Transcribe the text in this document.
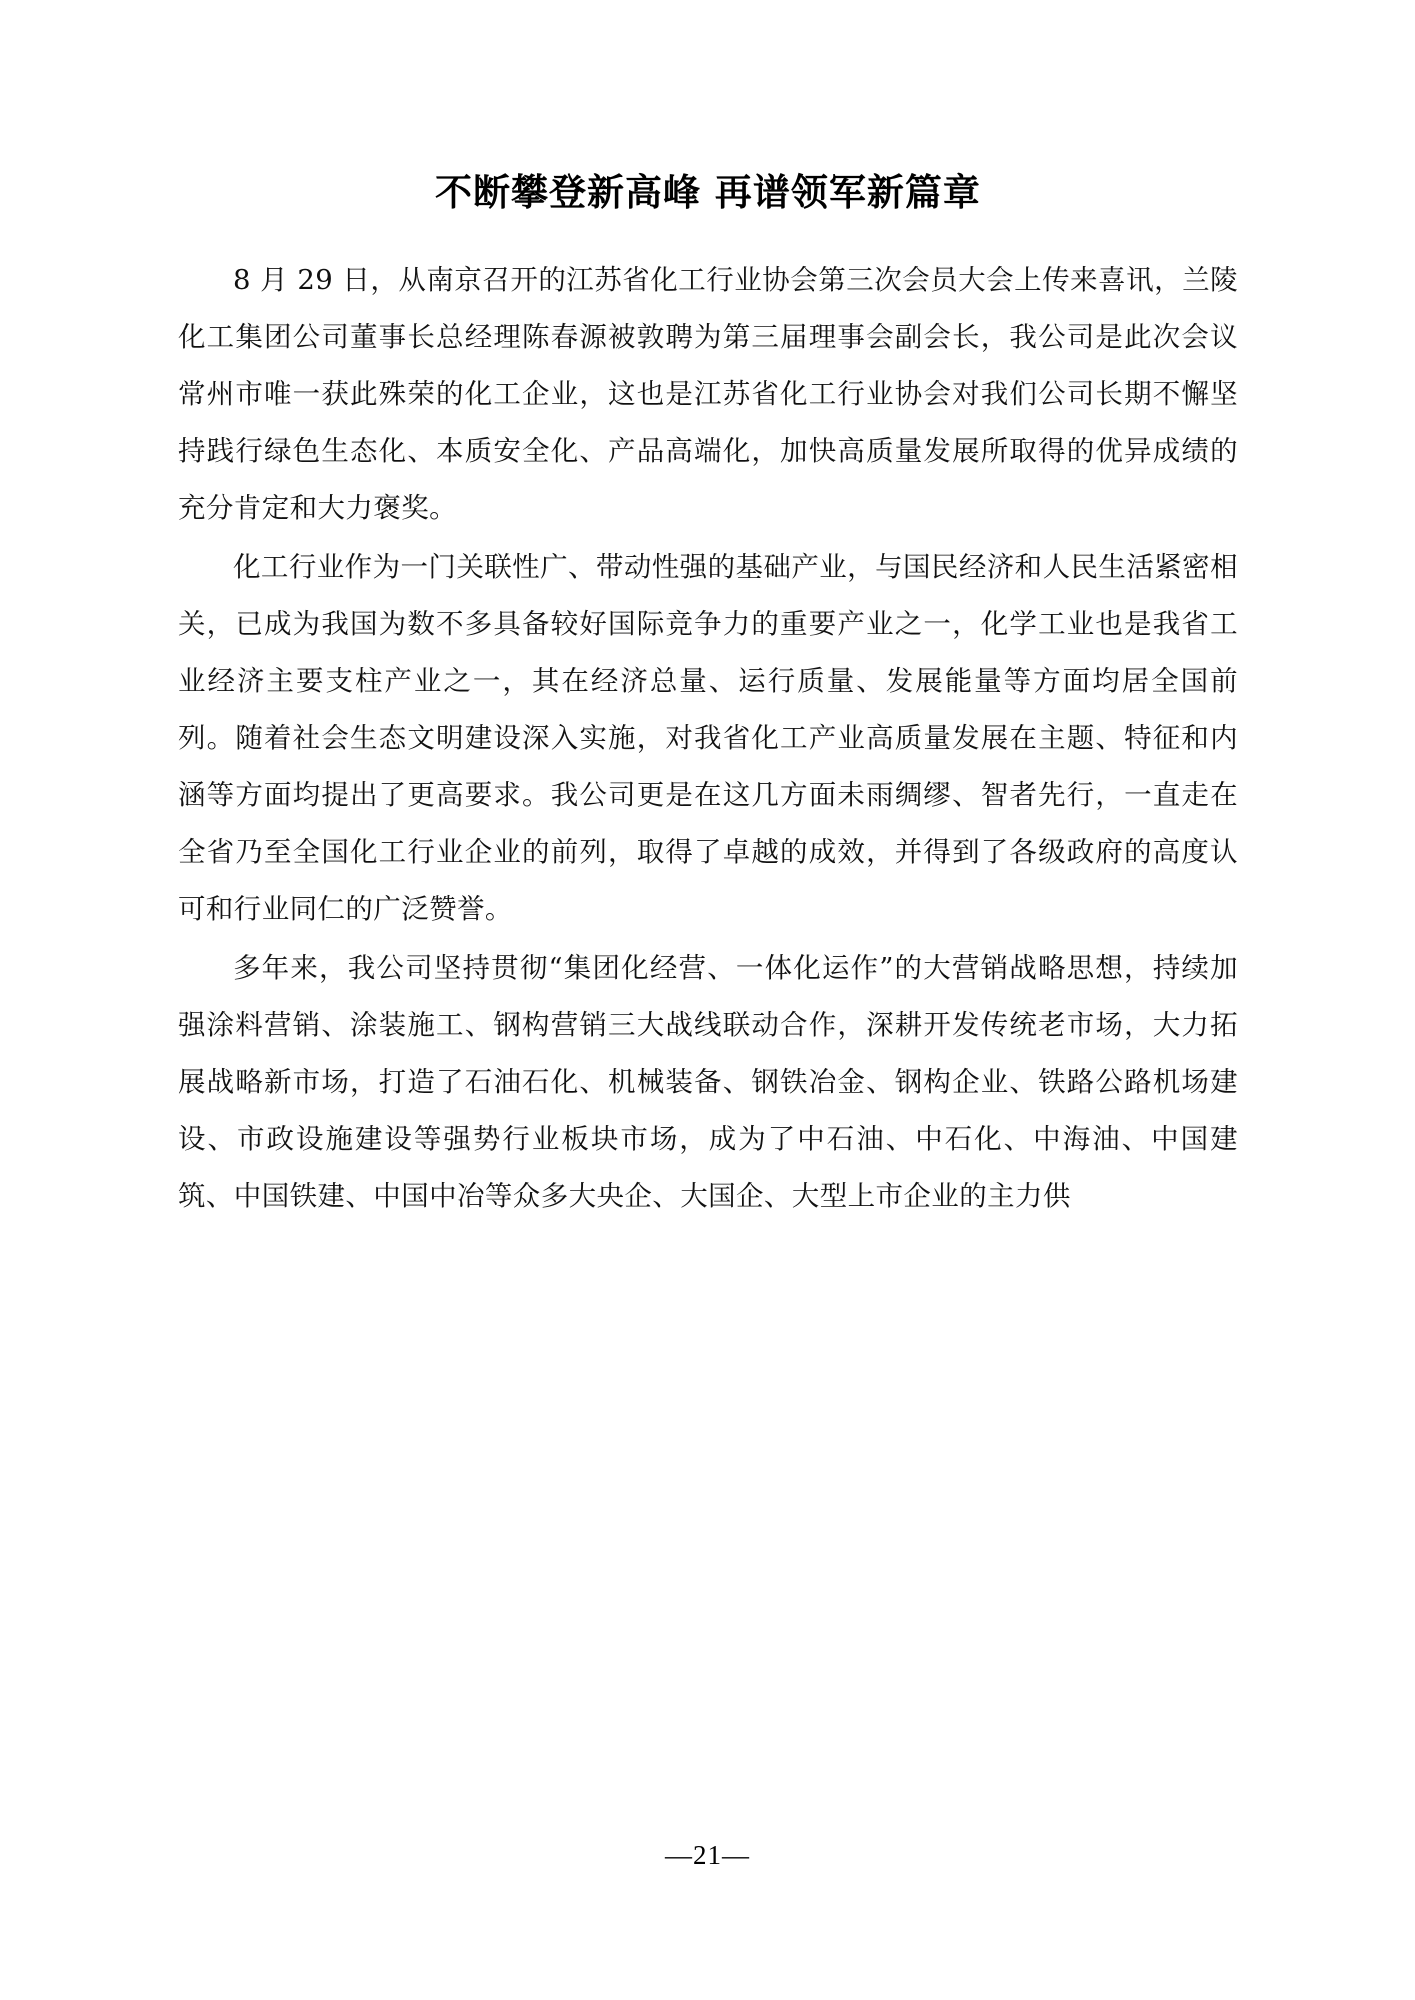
不断攀登新高峰 再谱领军新篇章

8 月 29 日，从南京召开的江苏省化工行业协会第三次会员大会上传来喜讯，兰陵化工集团公司董事长总经理陈春源被敦聘为第三届理事会副会长，我公司是此次会议常州市唯一获此殊荣的化工企业，这也是江苏省化工行业协会对我们公司长期不懈坚持践行绿色生态化、本质安全化、产品高端化，加快高质量发展所取得的优异成绩的充分肯定和大力褒奖。

化工行业作为一门关联性广、带动性强的基础产业，与国民经济和人民生活紧密相关，已成为我国为数不多具备较好国际竞争力的重要产业之一，化学工业也是我省工业经济主要支柱产业之一，其在经济总量、运行质量、发展能量等方面均居全国前列。随着社会生态文明建设深入实施，对我省化工产业高质量发展在主题、特征和内涵等方面均提出了更高要求。我公司更是在这几方面未雨绸缪、智者先行，一直走在全省乃至全国化工行业企业的前列，取得了卓越的成效，并得到了各级政府的高度认可和行业同仁的广泛赞誉。

多年来，我公司坚持贯彻“集团化经营、一体化运作”的大营销战略思想，持续加强涂料营销、涂装施工、钢构营销三大战线联动合作，深耕开发传统老市场，大力拓展战略新市场，打造了石油石化、机械装备、钢铁冶金、钢构企业、铁路公路机场建设、市政设施建设等强势行业板块市场，成为了中石油、中石化、中海油、中国建筑、中国铁建、中国中冶等众多大央企、大国企、大型上市企业的主力供

—21—
